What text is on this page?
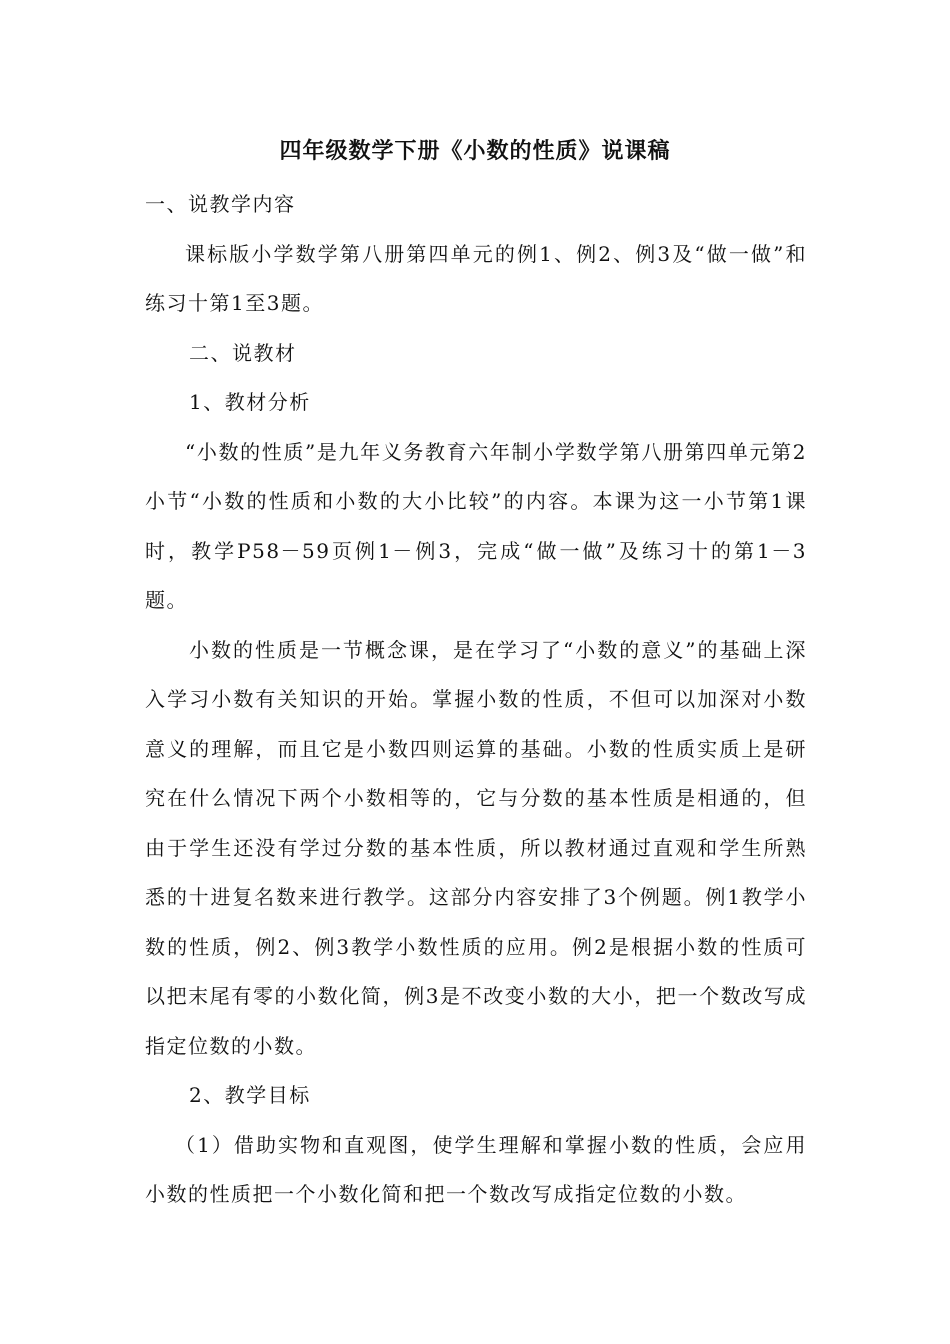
四年级数学下册《小数的性质》说课稿

一、说教学内容

课标版小学数学第八册第四单元的例1、例2、例3及“做一做”和练习十第1至3题。

二、说教材

1、教材分析

“小数的性质”是九年义务教育六年制小学数学第八册第四单元第2小节“小数的性质和小数的大小比较”的内容。本课为这一小节第1课时，教学P58－59页例1－例3，完成“做一做”及练习十的第1－3题。

小数的性质是一节概念课，是在学习了“小数的意义”的基础上深入学习小数有关知识的开始。掌握小数的性质，不但可以加深对小数意义的理解，而且它是小数四则运算的基础。小数的性质实质上是研究在什么情况下两个小数相等的，它与分数的基本性质是相通的，但由于学生还没有学过分数的基本性质，所以教材通过直观和学生所熟悉的十进复名数来进行教学。这部分内容安排了3个例题。例1教学小数的性质，例2、例3教学小数性质的应用。例2是根据小数的性质可以把末尾有零的小数化简，例3是不改变小数的大小，把一个数改写成指定位数的小数。

2、教学目标

（1）借助实物和直观图，使学生理解和掌握小数的性质，会应用小数的性质把一个小数化简和把一个数改写成指定位数的小数。
